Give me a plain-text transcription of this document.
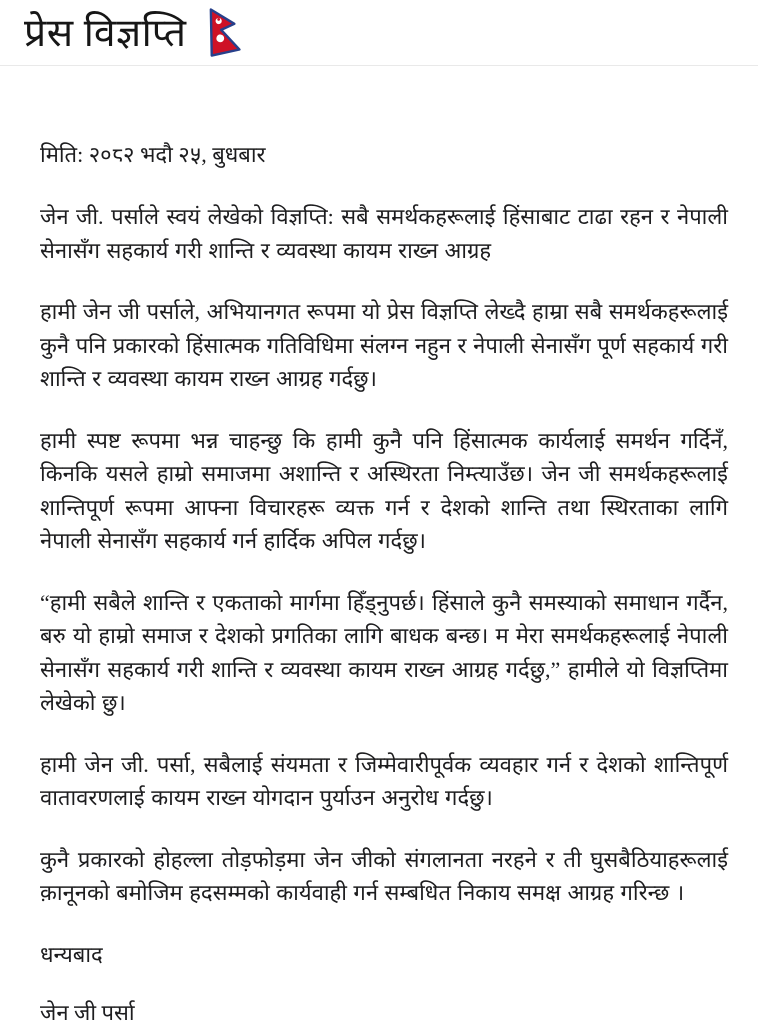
प्रेस विज्ञप्ति
मिति: २०८२ भदौ २५, बुधबार

जेन जी. पर्साले स्वयं लेखेको विज्ञप्ति: सबै समर्थकहरूलाई हिंसाबाट टाढा रहन र नेपाली सेनासँग सहकार्य गरी शान्ति र व्यवस्था कायम राख्न आग्रह

हामी जेन जी पर्साले, अभियानगत रूपमा यो प्रेस विज्ञप्ति लेख्दै हाम्रा सबै समर्थकहरूलाई कुनै पनि प्रकारको हिंसात्मक गतिविधिमा संलग्न नहुन र नेपाली सेनासँग पूर्ण सहकार्य गरी शान्ति र व्यवस्था कायम राख्न आग्रह गर्दछु।

हामी स्पष्ट रूपमा भन्न चाहन्छु कि हामी कुनै पनि हिंसात्मक कार्यलाई समर्थन गर्दिनँ, किनकि यसले हाम्रो समाजमा अशान्ति र अस्थिरता निम्त्याउँछ। जेन जी समर्थकहरूलाई शान्तिपूर्ण रूपमा आफ्ना विचारहरू व्यक्त गर्न र देशको शान्ति तथा स्थिरताका लागि नेपाली सेनासँग सहकार्य गर्न हार्दिक अपिल गर्दछु।

“हामी सबैले शान्ति र एकताको मार्गमा हिँड्नुपर्छ। हिंसाले कुनै समस्याको समाधान गर्दैन, बरु यो हाम्रो समाज र देशको प्रगतिका लागि बाधक बन्छ। म मेरा समर्थकहरूलाई नेपाली सेनासँग सहकार्य गरी शान्ति र व्यवस्था कायम राख्न आग्रह गर्दछु,” हामीले यो विज्ञप्तिमा लेखेको छु।

हामी जेन जी. पर्सा, सबैलाई संयमता र जिम्मेवारीपूर्वक व्यवहार गर्न र देशको शान्तिपूर्ण वातावरणलाई कायम राख्न योगदान पुर्याउन अनुरोध गर्दछु।

कुनै प्रकारको होहल्ला तोड़फोड़मा जेन जीको संगलानता नरहने र ती घुसबैठियाहरूलाई क़ानूनको बमोजिम हदसम्मको कार्यवाही गर्न सम्बधित निकाय समक्ष आग्रह गरिन्छ ।

धन्यबाद
जेन जी पर्सा
